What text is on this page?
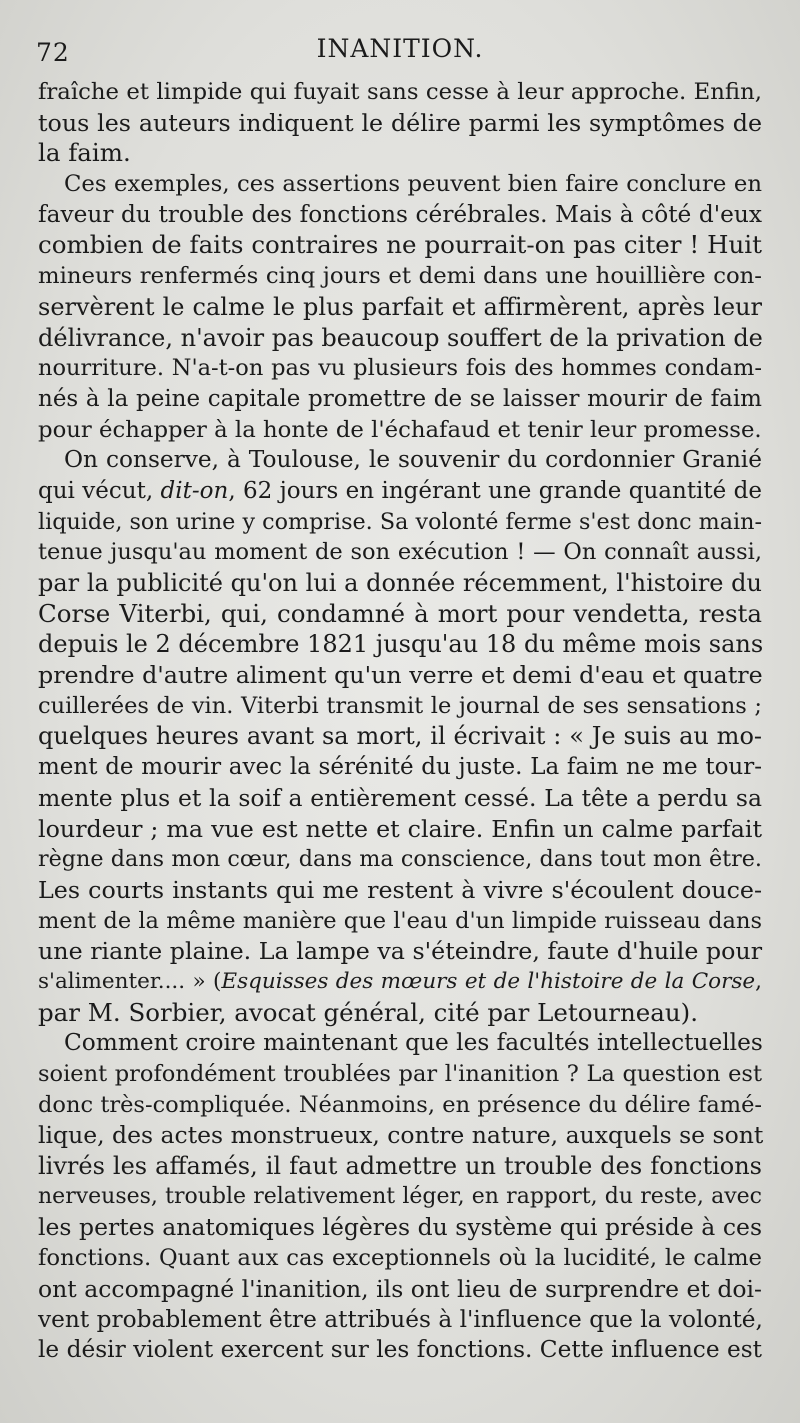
72	INANITION.
fraîche et limpide qui fuyait sans cesse à leur approche. Enfin,
tous les auteurs indiquent le délire parmi les symptômes de
la faim.
Ces exemples, ces assertions peuvent bien faire conclure en
faveur du trouble des fonctions cérébrales. Mais à côté d'eux
combien de faits contraires ne pourrait-on pas citer ! Huit
mineurs renfermés cinq jours et demi dans une houillière con-
servèrent le calme le plus parfait et affirmèrent, après leur
délivrance, n'avoir pas beaucoup souffert de la privation de
nourriture. N'a-t-on pas vu plusieurs fois des hommes condam-
nés à la peine capitale promettre de se laisser mourir de faim
pour échapper à la honte de l'échafaud et tenir leur promesse.
On conserve, à Toulouse, le souvenir du cordonnier Granié
qui vécut, dit-on, 62 jours en ingérant une grande quantité de
liquide, son urine y comprise. Sa volonté ferme s'est donc main-
tenue jusqu'au moment de son exécution ! — On connaît aussi,
par la publicité qu'on lui a donnée récemment, l'histoire du
Corse Viterbi, qui, condamné à mort pour vendetta, resta
depuis le 2 décembre 1821 jusqu'au 18 du même mois sans
prendre d'autre aliment qu'un verre et demi d'eau et quatre
cuillerées de vin. Viterbi transmit le journal de ses sensations ;
quelques heures avant sa mort, il écrivait : « Je suis au mo-
ment de mourir avec la sérénité du juste. La faim ne me tour-
mente plus et la soif a entièrement cessé. La tête a perdu sa
lourdeur ; ma vue est nette et claire. Enfin un calme parfait
règne dans mon cœur, dans ma conscience, dans tout mon être.
Les courts instants qui me restent à vivre s'écoulent douce-
ment de la même manière que l'eau d'un limpide ruisseau dans
une riante plaine. La lampe va s'éteindre, faute d'huile pour
s'alimenter.... » (Esquisses des mœurs et de l'histoire de la Corse,
par M. Sorbier, avocat général, cité par Letourneau).
Comment croire maintenant que les facultés intellectuelles
soient profondément troublées par l'inanition ? La question est
donc très-compliquée. Néanmoins, en présence du délire famé-
lique, des actes monstrueux, contre nature, auxquels se sont
livrés les affamés, il faut admettre un trouble des fonctions
nerveuses, trouble relativement léger, en rapport, du reste, avec
les pertes anatomiques légères du système qui préside à ces
fonctions. Quant aux cas exceptionnels où la lucidité, le calme
ont accompagné l'inanition, ils ont lieu de surprendre et doi-
vent probablement être attribués à l'influence que la volonté,
le désir violent exercent sur les fonctions. Cette influence est
